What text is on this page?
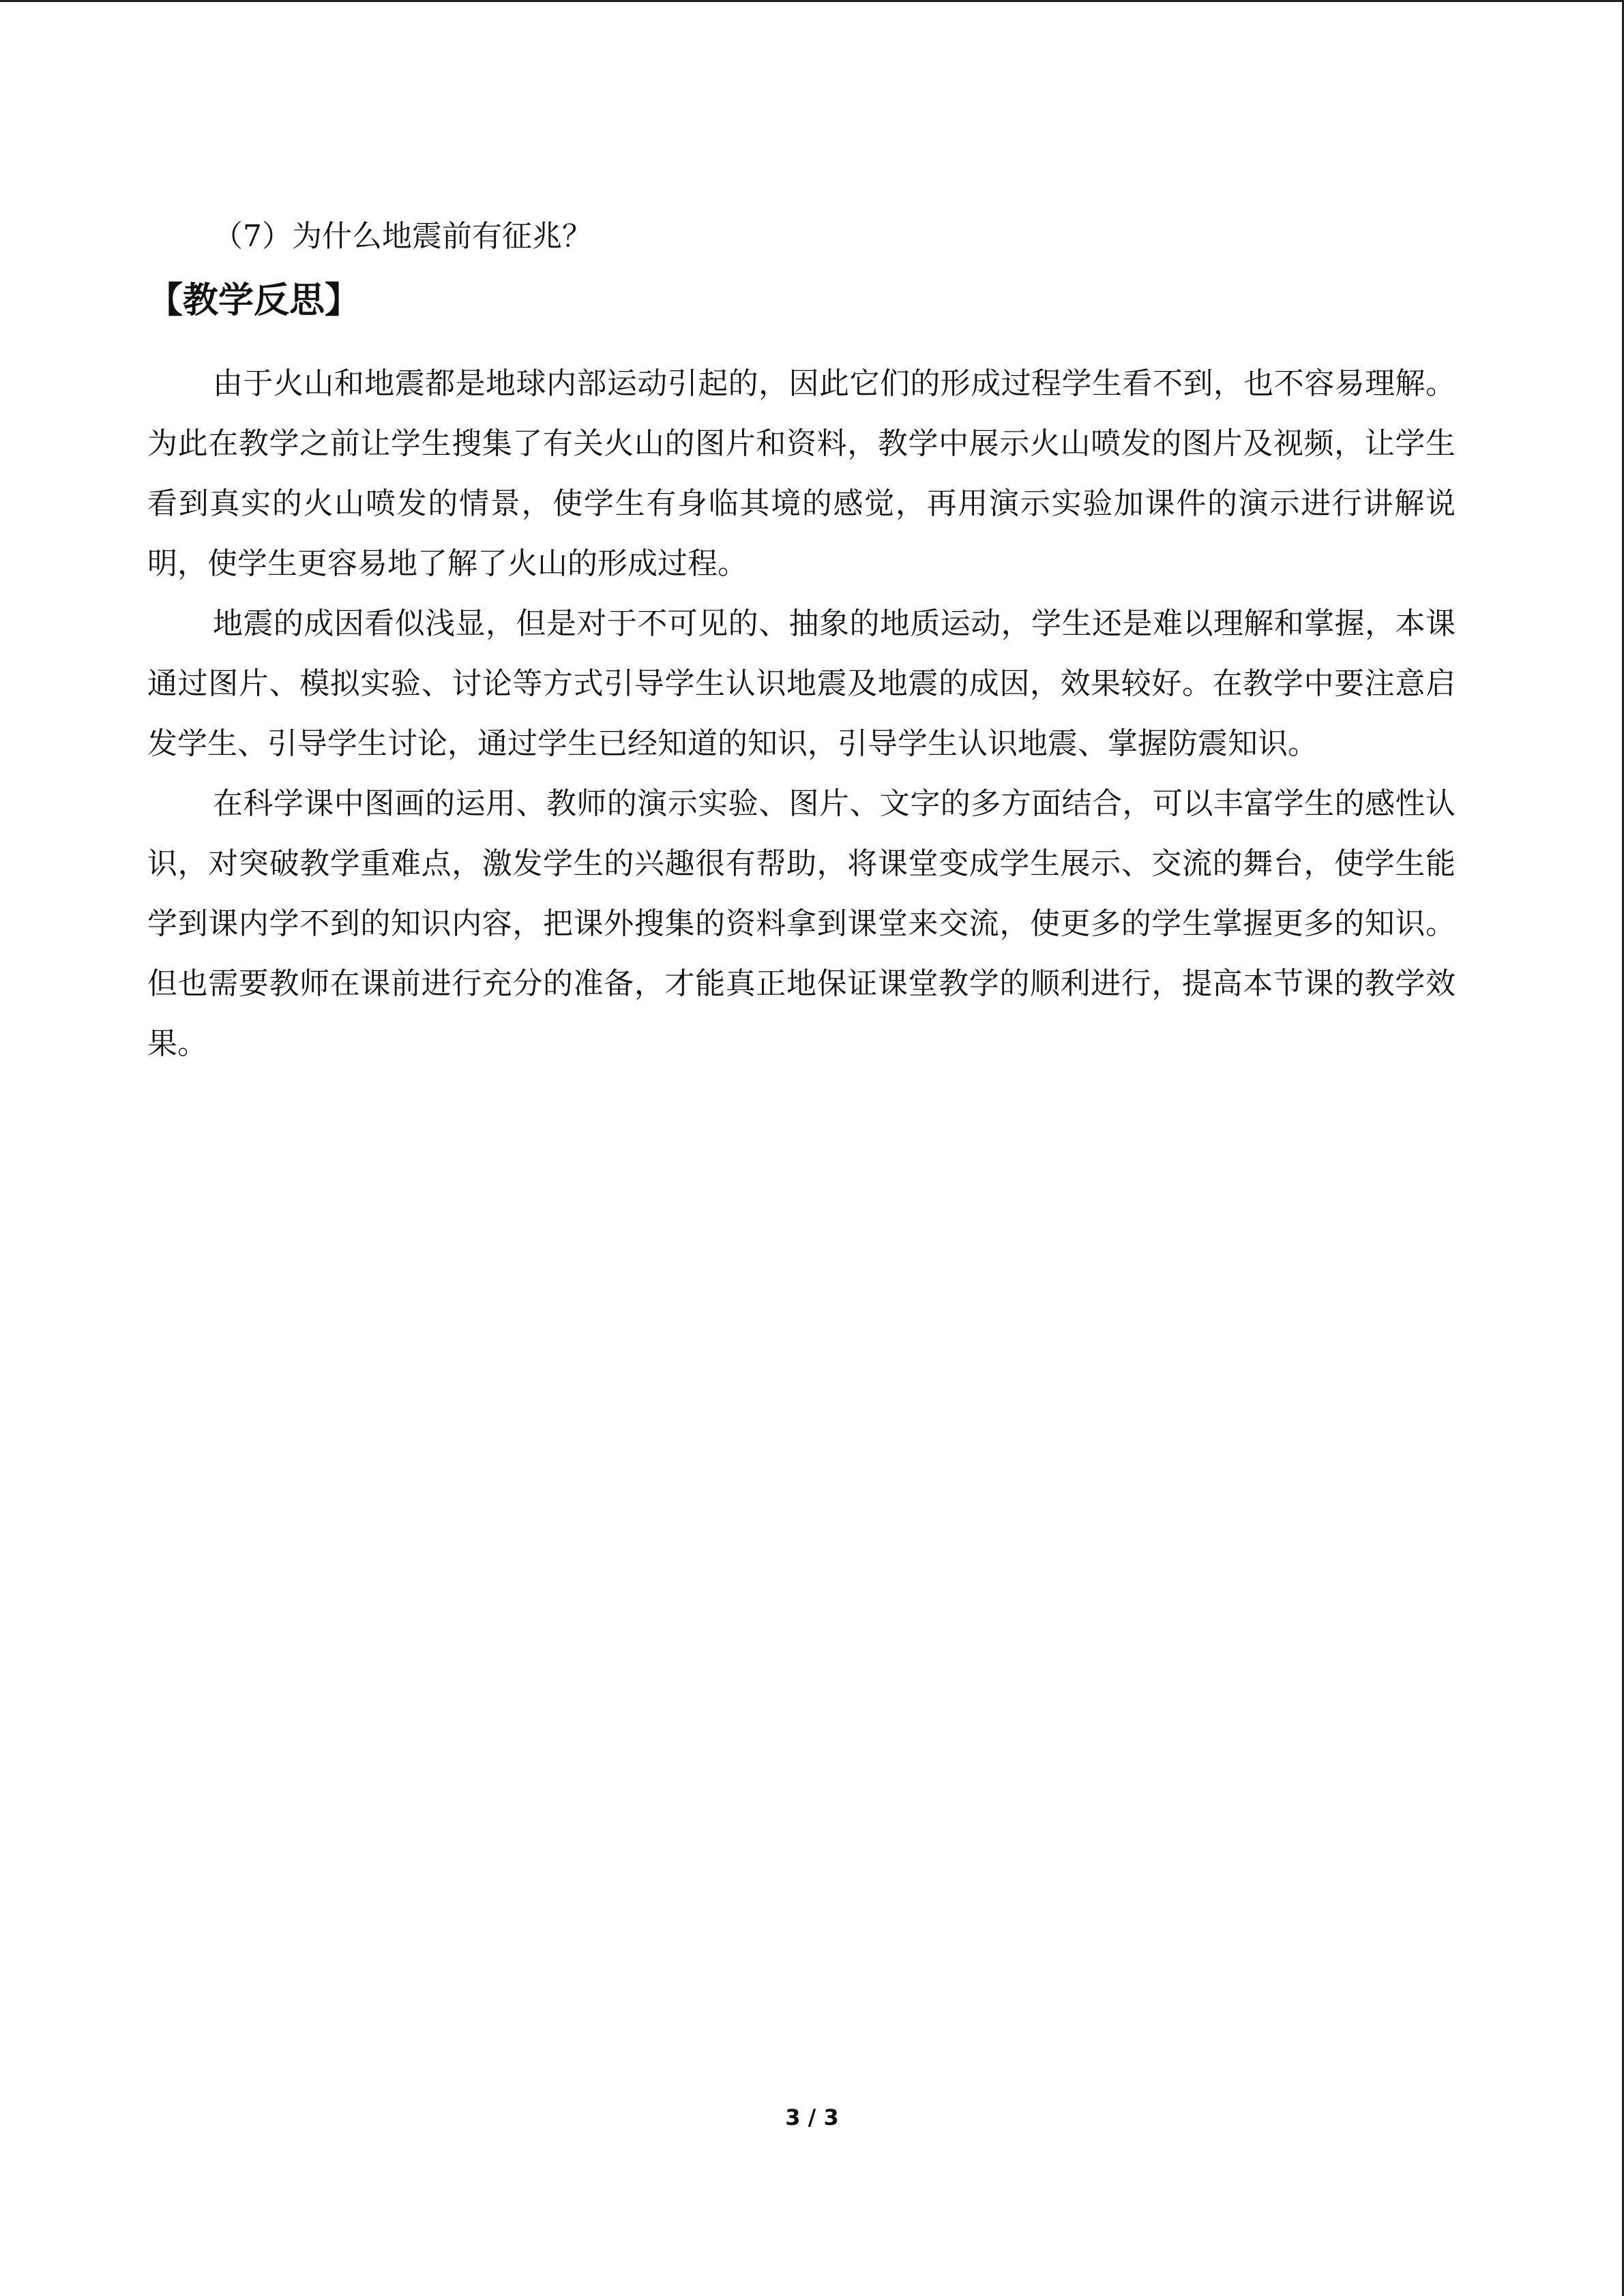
（7）为什么地震前有征兆？
【教学反思】

由于火山和地震都是地球内部运动引起的，因此它们的形成过程学生看不到，也不容易理解。为此在教学之前让学生搜集了有关火山的图片和资料，教学中展示火山喷发的图片及视频，让学生看到真实的火山喷发的情景，使学生有身临其境的感觉，再用演示实验加课件的演示进行讲解说明，使学生更容易地了解了火山的形成过程。

地震的成因看似浅显，但是对于不可见的、抽象的地质运动，学生还是难以理解和掌握，本课通过图片、模拟实验、讨论等方式引导学生认识地震及地震的成因，效果较好。在教学中要注意启发学生、引导学生讨论，通过学生已经知道的知识，引导学生认识地震、掌握防震知识。

在科学课中图画的运用、教师的演示实验、图片、文字的多方面结合，可以丰富学生的感性认识，对突破教学重难点，激发学生的兴趣很有帮助，将课堂变成学生展示、交流的舞台，使学生能学到课内学不到的知识内容，把课外搜集的资料拿到课堂来交流，使更多的学生掌握更多的知识。但也需要教师在课前进行充分的准备，才能真正地保证课堂教学的顺利进行，提高本节课的教学效果。

3 / 3
